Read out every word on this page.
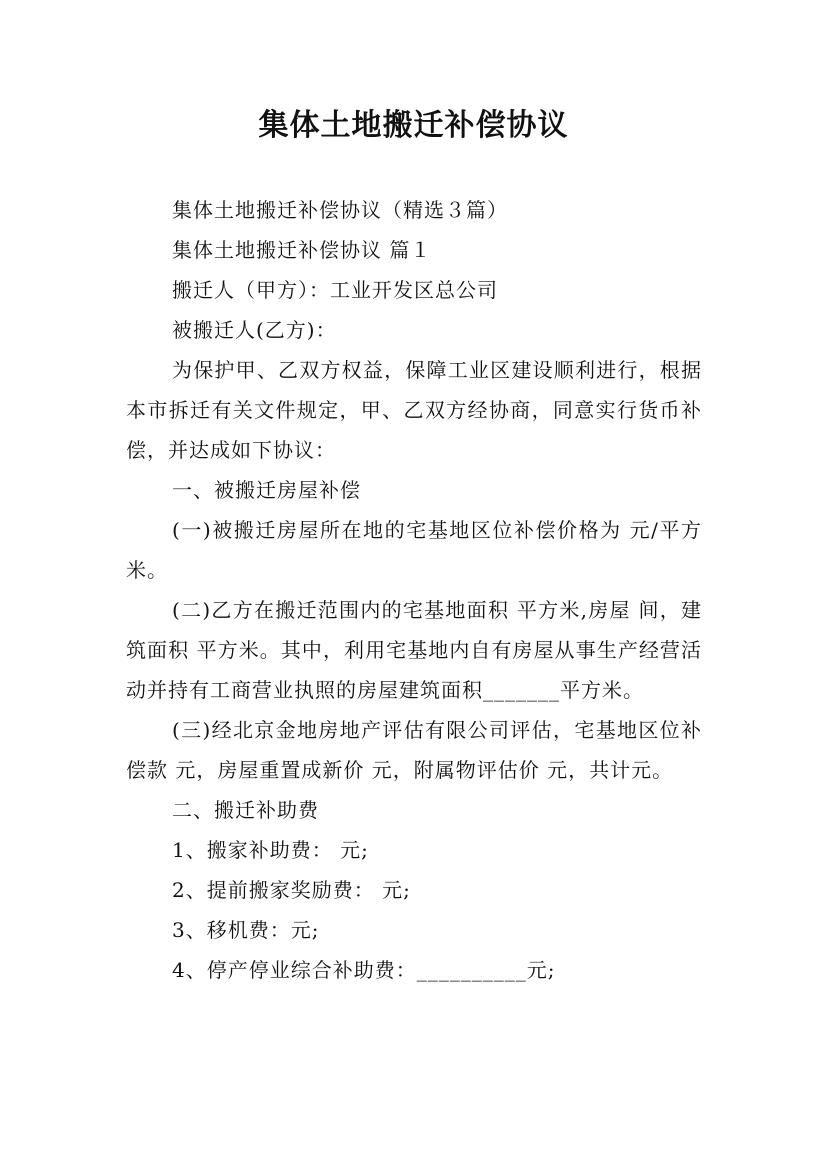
集体土地搬迁补偿协议

集体土地搬迁补偿协议（精选３篇）

集体土地搬迁补偿协议 篇１

搬迁人（甲方）：工业开发区总公司

被搬迁人(乙方)：

为保护甲、乙双方权益，保障工业区建设顺利进行，根据本市拆迁有关文件规定，甲、乙双方经协商，同意实行货币补偿，并达成如下协议：

一、被搬迁房屋补偿

(一)被搬迁房屋所在地的宅基地区位补偿价格为 元/平方米。

(二)乙方在搬迁范围内的宅基地面积 平方米,房屋 间，建筑面积 平方米。其中，利用宅基地内自有房屋从事生产经营活动并持有工商营业执照的房屋建筑面积_______平方米。

(三)经北京金地房地产评估有限公司评估，宅基地区位补偿款 元，房屋重置成新价 元，附属物评估价 元，共计元。

二、搬迁补助费

1、搬家补助费： 元;

2、提前搬家奖励费： 元;

3、移机费：元;

4、停产停业综合补助费：__________元;
